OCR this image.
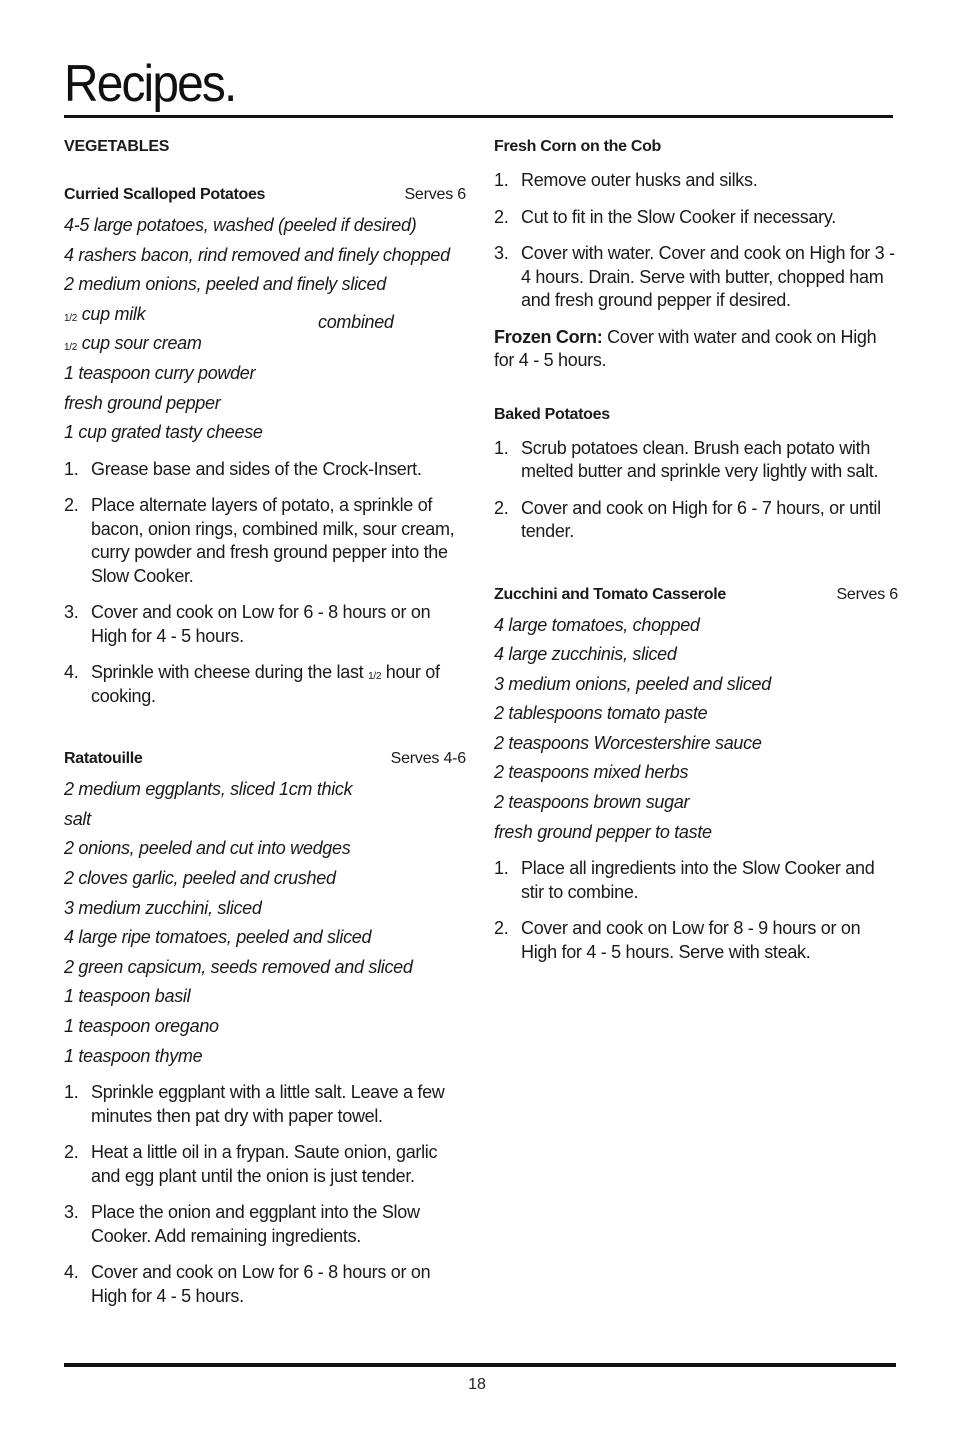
Recipes.
VEGETABLES
Curried Scalloped Potatoes	Serves 6
4-5 large potatoes, washed (peeled if desired)
4 rashers bacon, rind removed and finely chopped
2 medium onions, peeled and finely sliced
$^{1/2}$ cup milk
$^{1/2}$ cup sour cream
combined
1 teaspoon curry powder
fresh ground pepper
1 cup grated tasty cheese
1. Grease base and sides of the Crock-Insert.
2. Place alternate layers of potato, a sprinkle of bacon, onion rings, combined milk, sour cream, curry powder and fresh ground pepper into the Slow Cooker.
3. Cover and cook on Low for 6 - 8 hours or on High for 4 - 5 hours.
4. Sprinkle with cheese during the last $^{1/2}$ hour of cooking.
Ratatouille	Serves 4-6
2 medium eggplants, sliced 1cm thick
salt
2 onions, peeled and cut into wedges
2 cloves garlic, peeled and crushed
3 medium zucchini, sliced
4 large ripe tomatoes, peeled and sliced
2 green capsicum, seeds removed and sliced
1 teaspoon basil
1 teaspoon oregano
1 teaspoon thyme
1. Sprinkle eggplant with a little salt. Leave a few minutes then pat dry with paper towel.
2. Heat a little oil in a frypan. Saute onion, garlic and egg plant until the onion is just tender.
3. Place the onion and eggplant into the Slow Cooker. Add remaining ingredients.
4. Cover and cook on Low for 6 - 8 hours or on High for 4 - 5 hours.
Fresh Corn on the Cob
1. Remove outer husks and silks.
2. Cut to fit in the Slow Cooker if necessary.
3. Cover with water. Cover and cook on High for 3 - 4 hours. Drain. Serve with butter, chopped ham and fresh ground pepper if desired.

Frozen Corn: Cover with water and cook on High for 4 - 5 hours.

Baked Potatoes
1. Scrub potatoes clean. Brush each potato with melted butter and sprinkle very lightly with salt.
2. Cover and cook on High for 6 - 7 hours, or until tender.
Zucchini and Tomato Casserole	Serves 6
4 large tomatoes, chopped
4 large zucchinis, sliced
3 medium onions, peeled and sliced
2 tablespoons tomato paste
2 teaspoons Worcestershire sauce
2 teaspoons mixed herbs
2 teaspoons brown sugar
fresh ground pepper to taste
1. Place all ingredients into the Slow Cooker and stir to combine.
2. Cover and cook on Low for 8 - 9 hours or on High for 4 - 5 hours. Serve with steak.
18
